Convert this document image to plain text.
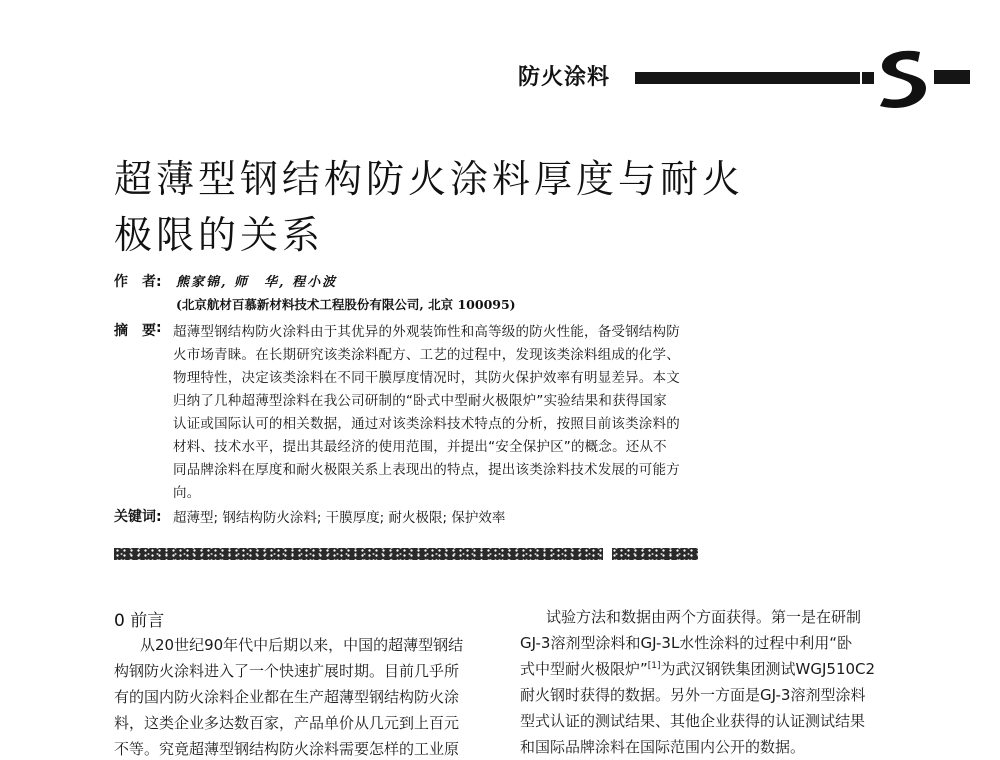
防火涂料
超薄型钢结构防火涂料厚度与耐火
极限的关系
作　者: 熊家锦, 师　华, 程小波
(北京航材百慕新材料技术工程股份有限公司, 北京 100095)
摘　要 : 超薄型钢结构防火涂料由于其优异的外观装饰性和高等级的防火性能，备受钢结构防
火市场青睐。在长期研究该类涂料配方、工艺的过程中，发现该类涂料组成的化学、
物理特性，决定该类涂料在不同干膜厚度情况时，其防火保护效率有明显差异。本文
归纳了几种超薄型涂料在我公司研制的“卧式中型耐火极限炉”实验结果和获得国家
认证或国际认可的相关数据，通过对该类涂料技术特点的分析，按照目前该类涂料的
材料、技术水平，提出其最经济的使用范围，并提出“安全保护区”的概念。还从不
同品牌涂料在厚度和耐火极限关系上表现出的特点，提出该类涂料技术发展的可能方
向。
关键词: 超薄型; 钢结构防火涂料; 干膜厚度; 耐火极限; 保护效率
0 前言
从20世纪90年代中后期以来，中国的超薄型钢结
构钢防火涂料进入了一个快速扩展时期。目前几乎所
有的国内防火涂料企业都在生产超薄型钢结构防火涂
料，这类企业多达数百家，产品单价从几元到上百元
不等。究竟超薄型钢结构防火涂料需要怎样的工业原
试验方法和数据由两个方面获得。第一是在研制
GJ-3溶剂型涂料和GJ-3L水性涂料的过程中利用“卧
式中型耐火极限炉”[1]为武汉钢铁集团测试WGJ510C2
耐火钢时获得的数据。另外一方面是GJ-3溶剂型涂料
型式认证的测试结果、其他企业获得的认证测试结果
和国际品牌涂料在国际范围内公开的数据。
